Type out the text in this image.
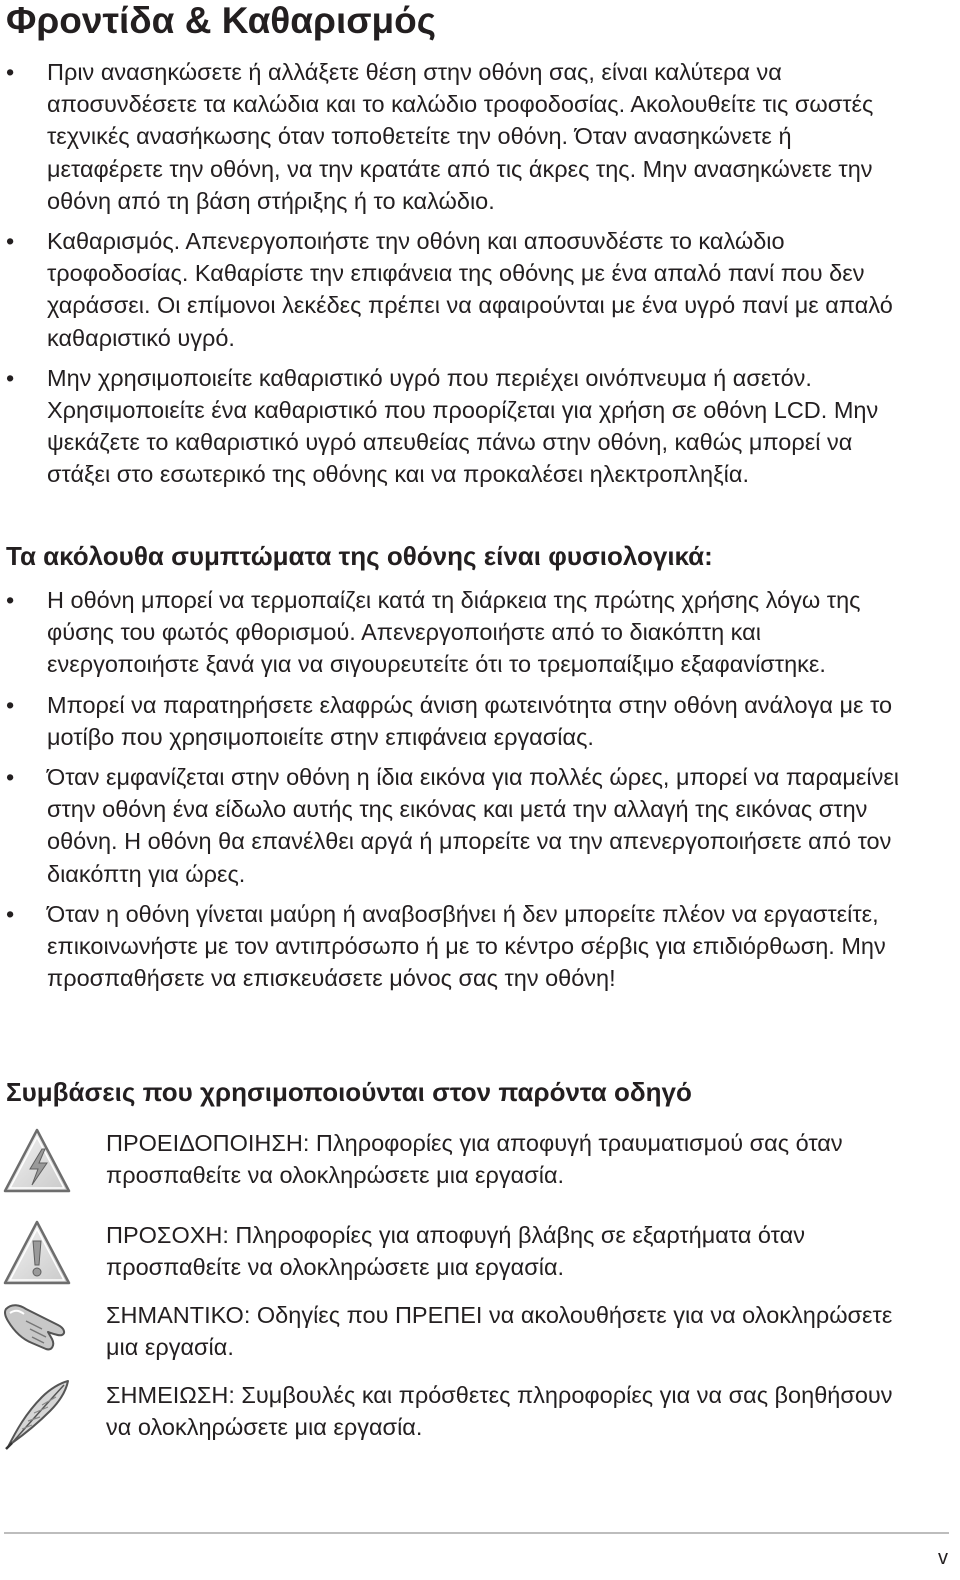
Φροντίδα & Καθαρισμός
•	Πριν ανασηκώσετε ή αλλάξετε θέση στην οθόνη σας, είναι καλύτερα να αποσυνδέσετε τα καλώδια και το καλώδιο τροφοδοσίας. Ακολουθείτε τις σωστές τεχνικές ανασήκωσης όταν τοποθετείτε την οθόνη. Όταν ανασηκώνετε ή μεταφέρετε την οθόνη, να την κρατάτε από τις άκρες της. Μην ανασηκώνετε την οθόνη από τη βάση στήριξης ή το καλώδιο.
•	Καθαρισμός. Απενεργοποιήστε την οθόνη και αποσυνδέστε το καλώδιο τροφοδοσίας. Καθαρίστε την επιφάνεια της οθόνης με ένα απαλό πανί που δεν χαράσσει. Οι επίμονοι λεκέδες πρέπει να αφαιρούνται με ένα υγρό πανί με απαλό καθαριστικό υγρό.
•	Μην χρησιμοποιείτε καθαριστικό υγρό που περιέχει οινόπνευμα ή ασετόν. Χρησιμοποιείτε ένα καθαριστικό που προορίζεται για χρήση σε οθόνη LCD. Μην ψεκάζετε το καθαριστικό υγρό απευθείας πάνω στην οθόνη, καθώς μπορεί να στάξει στο εσωτερικό της οθόνης και να προκαλέσει ηλεκτροπληξία.
Τα ακόλουθα συμπτώματα της οθόνης είναι φυσιολογικά:
•	Η οθόνη μπορεί να τερμοπαίζει κατά τη διάρκεια της πρώτης χρήσης λόγω της φύσης του φωτός φθορισμού. Απενεργοποιήστε από το διακόπτη και ενεργοποιήστε ξανά για να σιγουρευτείτε ότι το τρεμοπαίξιμο εξαφανίστηκε.
•	Μπορεί να παρατηρήσετε ελαφρώς άνιση φωτεινότητα στην οθόνη ανάλογα με το μοτίβο που χρησιμοποιείτε στην επιφάνεια εργασίας.
•	Όταν εμφανίζεται στην οθόνη η ίδια εικόνα για πολλές ώρες, μπορεί να παραμείνει στην οθόνη ένα είδωλο αυτής της εικόνας και μετά την αλλαγή της εικόνας στην οθόνη. Η οθόνη θα επανέλθει αργά ή μπορείτε να την απενεργοποιήσετε από τον διακόπτη για ώρες.
•	Όταν η οθόνη γίνεται μαύρη ή αναβοσβήνει ή δεν μπορείτε πλέον να εργαστείτε, επικοινωνήστε με τον αντιπρόσωπο ή με το κέντρο σέρβις για επιδιόρθωση. Μην προσπαθήσετε να επισκευάσετε μόνος σας την οθόνη!
Συμβάσεις που χρησιμοποιούνται στον παρόντα οδηγό
ΠΡΟΕΙΔΟΠΟΙΗΣΗ: Πληροφορίες για αποφυγή τραυματισμού σας όταν προσπαθείτε να ολοκληρώσετε μια εργασία.
ΠΡΟΣΟΧΗ: Πληροφορίες για αποφυγή βλάβης σε εξαρτήματα όταν προσπαθείτε να ολοκληρώσετε μια εργασία.
ΣΗΜΑΝΤΙΚΟ: Οδηγίες που ΠΡΕΠΕΙ να ακολουθήσετε για να ολοκληρώσετε μια εργασία.
ΣΗΜΕΙΩΣΗ: Συμβουλές και πρόσθετες πληροφορίες για να σας βοηθήσουν να ολοκληρώσετε μια εργασία.
v
